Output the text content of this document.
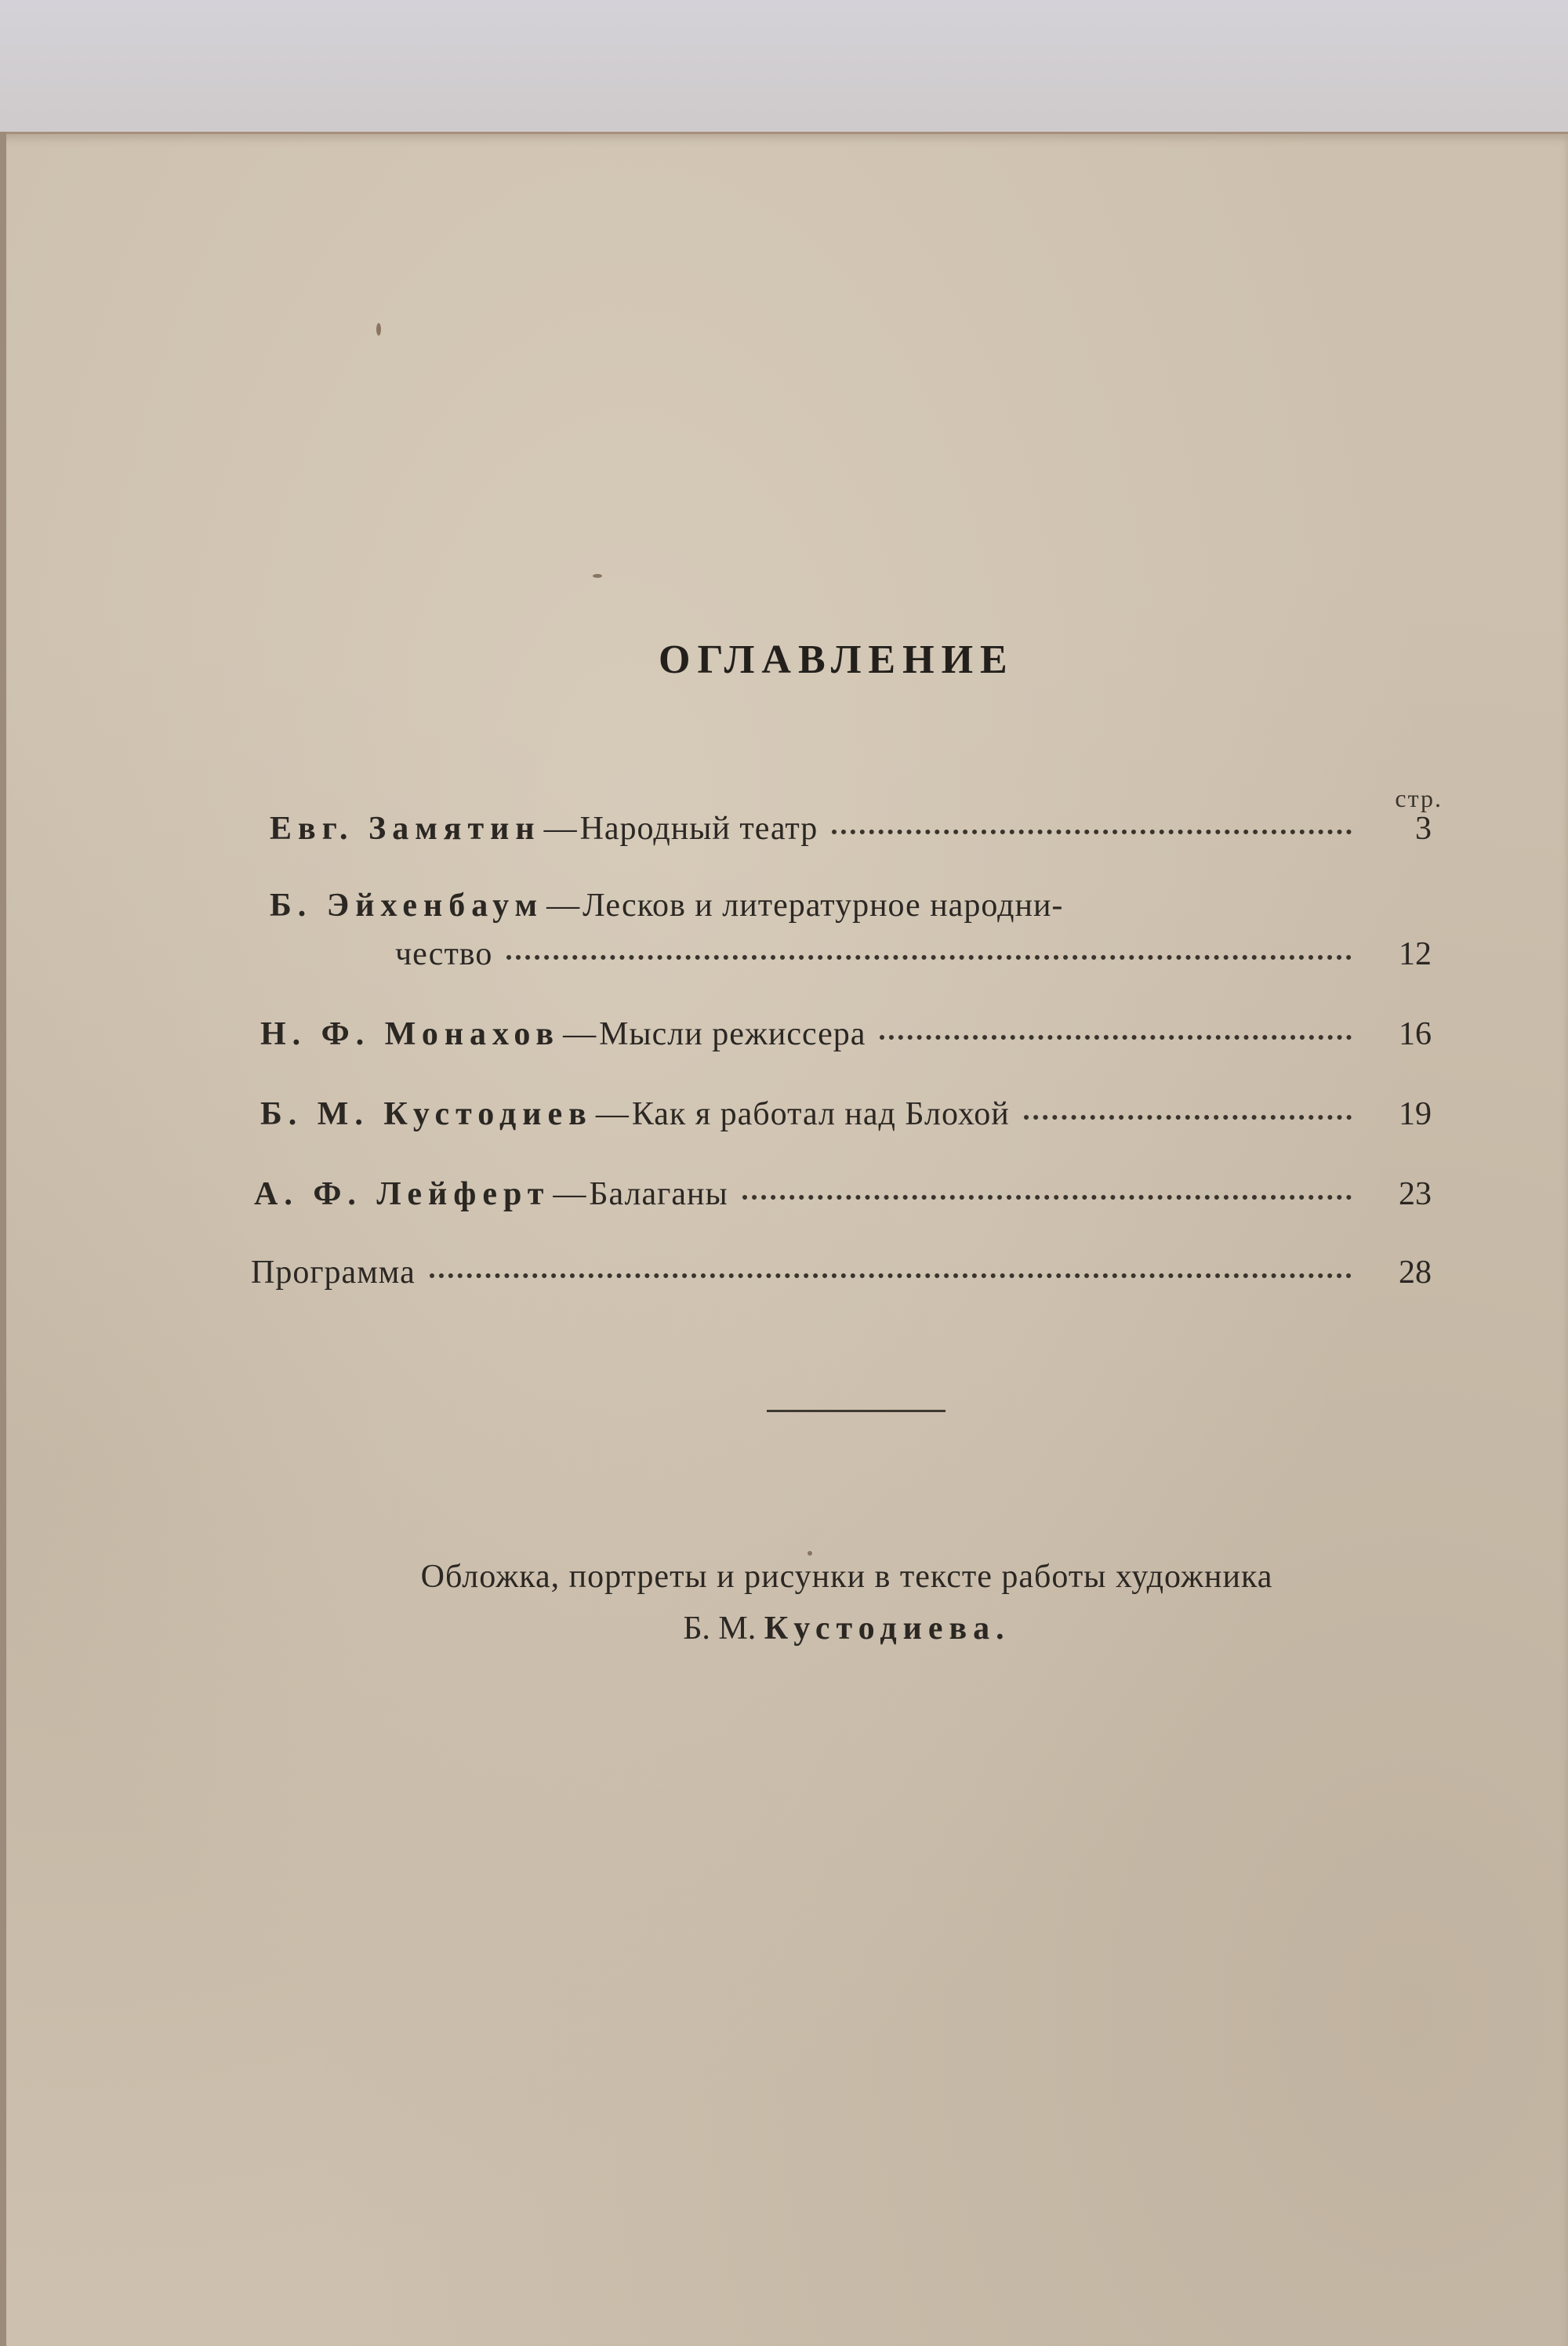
ОГЛАВЛЕНИЕ
стр.
Евг. Замятин — Народный театр	3
Б. Эйхенбаум — Лесков и литературное народни-
чество	12
Н. Ф. Монахов — Мысли режиссера	16
Б. М. Кустодиев — Как я работал над Блохой	19
А. Ф. Лейферт — Балаганы	23
Программа	28
Обложка, портреты и рисунки в тексте работы художника
Б. М. Кустодиева.
